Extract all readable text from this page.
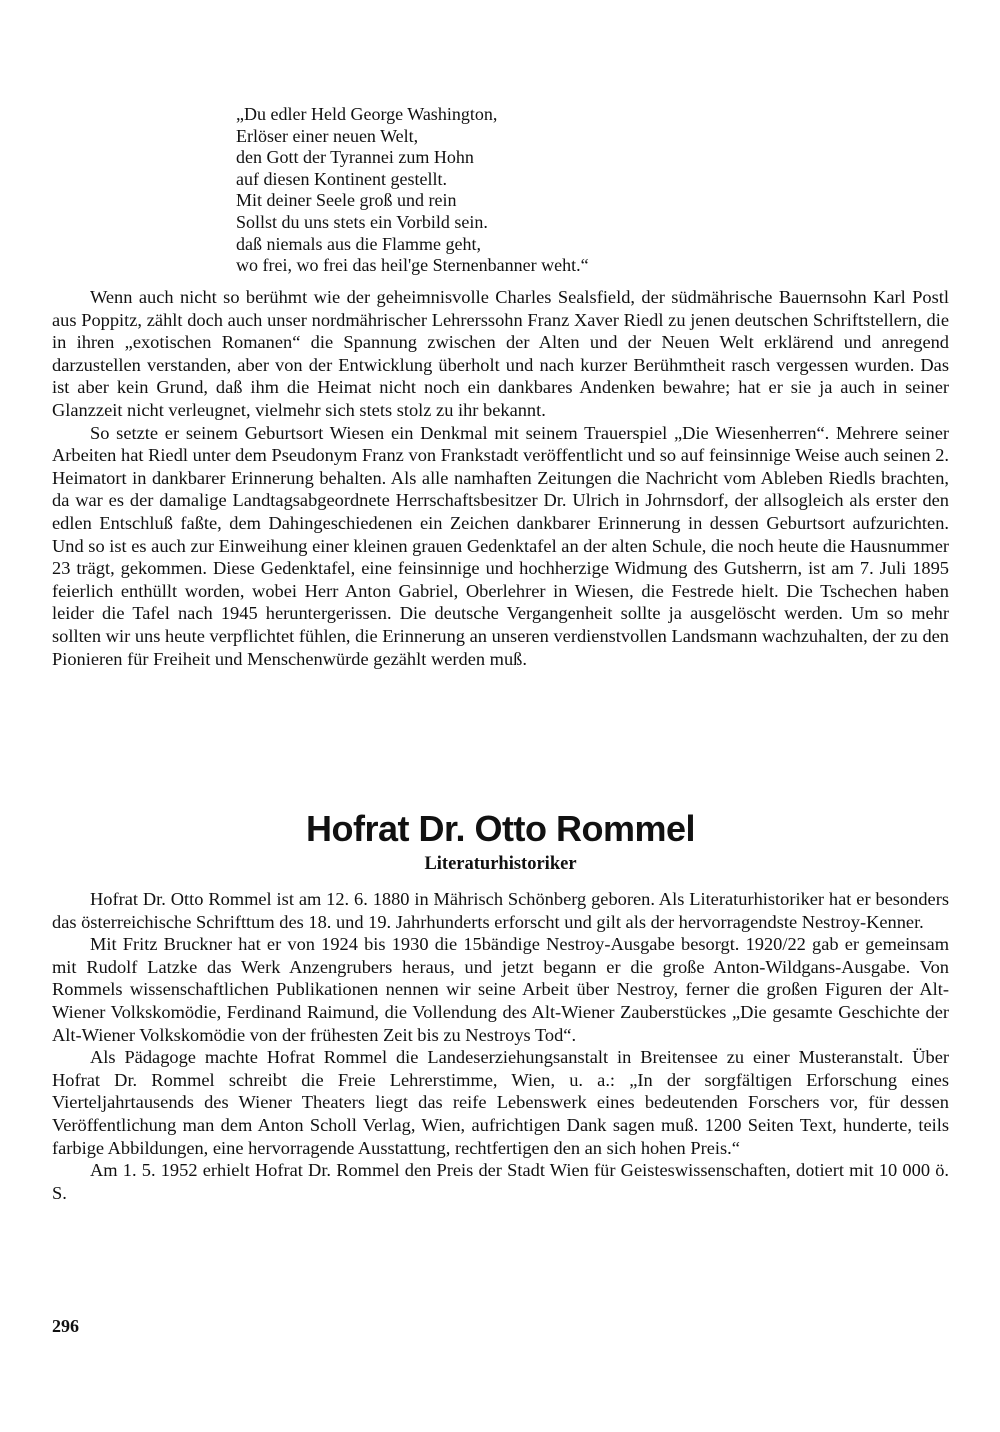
„Du edler Held George Washington,
Erlöser einer neuen Welt,
den Gott der Tyrannei zum Hohn
auf diesen Kontinent gestellt.
Mit deiner Seele groß und rein
Sollst du uns stets ein Vorbild sein.
daß niemals aus die Flamme geht,
wo frei, wo frei das heil'ge Sternenbanner weht.“

Wenn auch nicht so berühmt wie der geheimnisvolle Charles Sealsfield, der südmährische Bauernsohn Karl Postl aus Poppitz, zählt doch auch unser nordmährischer Lehrerssohn Franz Xaver Riedl zu jenen deutschen Schriftstellern, die in ihren „exotischen Romanen“ die Spannung zwischen der Alten und der Neuen Welt erklärend und anregend darzustellen verstanden, aber von der Entwicklung überholt und nach kurzer Berühmtheit rasch vergessen wurden. Das ist aber kein Grund, daß ihm die Heimat nicht noch ein dankbares Andenken bewahre; hat er sie ja auch in seiner Glanzzeit nicht verleugnet, vielmehr sich stets stolz zu ihr bekannt.

So setzte er seinem Geburtsort Wiesen ein Denkmal mit seinem Trauerspiel „Die Wiesenherren“. Mehrere seiner Arbeiten hat Riedl unter dem Pseudonym Franz von Frankstadt veröffentlicht und so auf feinsinnige Weise auch seinen 2. Heimatort in dankbarer Erinnerung behalten. Als alle namhaften Zeitungen die Nachricht vom Ableben Riedls brachten, da war es der damalige Landtagsabgeordnete Herrschaftsbesitzer Dr. Ulrich in Johrnsdorf, der allsogleich als erster den edlen Entschluß faßte, dem Dahingeschiedenen ein Zeichen dankbarer Erinnerung in dessen Geburtsort aufzurichten. Und so ist es auch zur Einweihung einer kleinen grauen Gedenktafel an der alten Schule, die noch heute die Hausnummer 23 trägt, gekommen. Diese Gedenktafel, eine feinsinnige und hochherzige Widmung des Gutsherrn, ist am 7. Juli 1895 feierlich enthüllt worden, wobei Herr Anton Gabriel, Oberlehrer in Wiesen, die Festrede hielt. Die Tschechen haben leider die Tafel nach 1945 heruntergerissen. Die deutsche Vergangenheit sollte ja ausgelöscht werden. Um so mehr sollten wir uns heute verpflichtet fühlen, die Erinnerung an unseren verdienstvollen Landsmann wachzuhalten, der zu den Pionieren für Freiheit und Menschenwürde gezählt werden muß.

Hofrat Dr. Otto Rommel
Literaturhistoriker

Hofrat Dr. Otto Rommel ist am 12. 6. 1880 in Mährisch Schönberg geboren. Als Literaturhistoriker hat er besonders das österreichische Schrifttum des 18. und 19. Jahrhunderts erforscht und gilt als der hervorragendste Nestroy-Kenner.

Mit Fritz Bruckner hat er von 1924 bis 1930 die 15bändige Nestroy-Ausgabe besorgt. 1920/22 gab er gemeinsam mit Rudolf Latzke das Werk Anzengrubers heraus, und jetzt begann er die große Anton-Wildgans-Ausgabe. Von Rommels wissenschaftlichen Publikationen nennen wir seine Arbeit über Nestroy, ferner die großen Figuren der Alt-Wiener Volkskomödie, Ferdinand Raimund, die Vollendung des Alt-Wiener Zauberstückes „Die gesamte Geschichte der Alt-Wiener Volkskomödie von der frühesten Zeit bis zu Nestroys Tod“.

Als Pädagoge machte Hofrat Rommel die Landeserziehungsanstalt in Breitensee zu einer Musteranstalt. Über Hofrat Dr. Rommel schreibt die Freie Lehrerstimme, Wien, u. a.: „In der sorgfältigen Erforschung eines Vierteljahrtausends des Wiener Theaters liegt das reife Lebenswerk eines bedeutenden Forschers vor, für dessen Veröffentlichung man dem Anton Scholl Verlag, Wien, aufrichtigen Dank sagen muß. 1200 Seiten Text, hunderte, teils farbige Abbildungen, eine hervorragende Ausstattung, rechtfertigen den an sich hohen Preis.“

Am 1. 5. 1952 erhielt Hofrat Dr. Rommel den Preis der Stadt Wien für Geisteswissenschaften, dotiert mit 10 000 ö. S.

296
